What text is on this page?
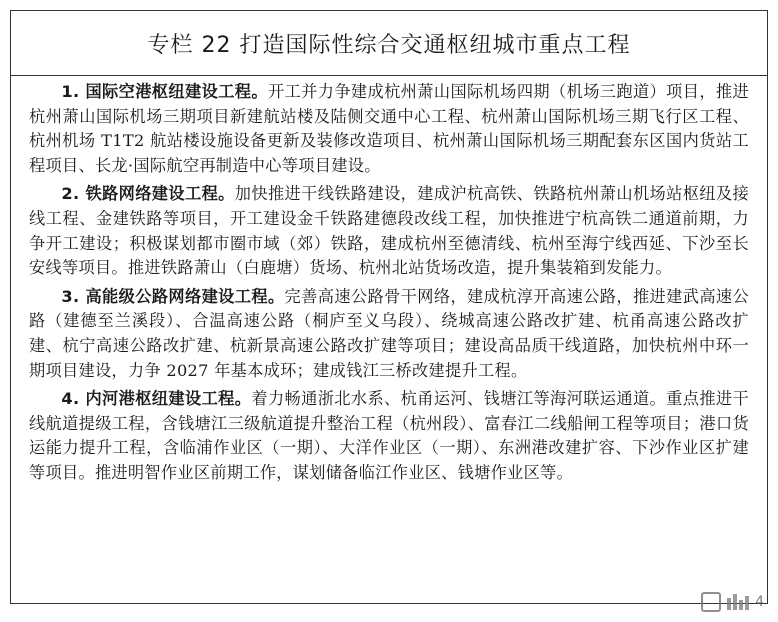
专栏 22 打造国际性综合交通枢纽城市重点工程

1. 国际空港枢纽建设工程。开工并力争建成杭州萧山国际机场四期（机场三跑道）项目，推进杭州萧山国际机场三期项目新建航站楼及陆侧交通中心工程、杭州萧山国际机场三期飞行区工程、杭州机场 T1T2 航站楼设施设备更新及装修改造项目、杭州萧山国际机场三期配套东区国内货站工程项目、长龙·国际航空再制造中心等项目建设。

2. 铁路网络建设工程。加快推进干线铁路建设，建成沪杭高铁、铁路杭州萧山机场站枢纽及接线工程、金建铁路等项目，开工建设金千铁路建德段改线工程，加快推进宁杭高铁二通道前期，力争开工建设；积极谋划都市圈市域（郊）铁路，建成杭州至德清线、杭州至海宁线西延、下沙至长安线等项目。推进铁路萧山（白鹿塘）货场、杭州北站货场改造，提升集装箱到发能力。

3. 高能级公路网络建设工程。完善高速公路骨干网络，建成杭淳开高速公路，推进建武高速公路（建德至兰溪段）、合温高速公路（桐庐至义乌段）、绕城高速公路改扩建、杭甬高速公路改扩建、杭宁高速公路改扩建、杭新景高速公路改扩建等项目；建设高品质干线道路，加快杭州中环一期项目建设，力争 2027 年基本成环；建成钱江三桥改建提升工程。

4. 内河港枢纽建设工程。着力畅通浙北水系、杭甬运河、钱塘江等海河联运通道。重点推进干线航道提级工程，含钱塘江三级航道提升整治工程（杭州段）、富春江二线船闸工程等项目；港口货运能力提升工程，含临浦作业区（一期）、大洋作业区（一期）、东洲港改建扩容、下沙作业区扩建等项目。推进明智作业区前期工作，谋划储备临江作业区、钱塘作业区等。

4
